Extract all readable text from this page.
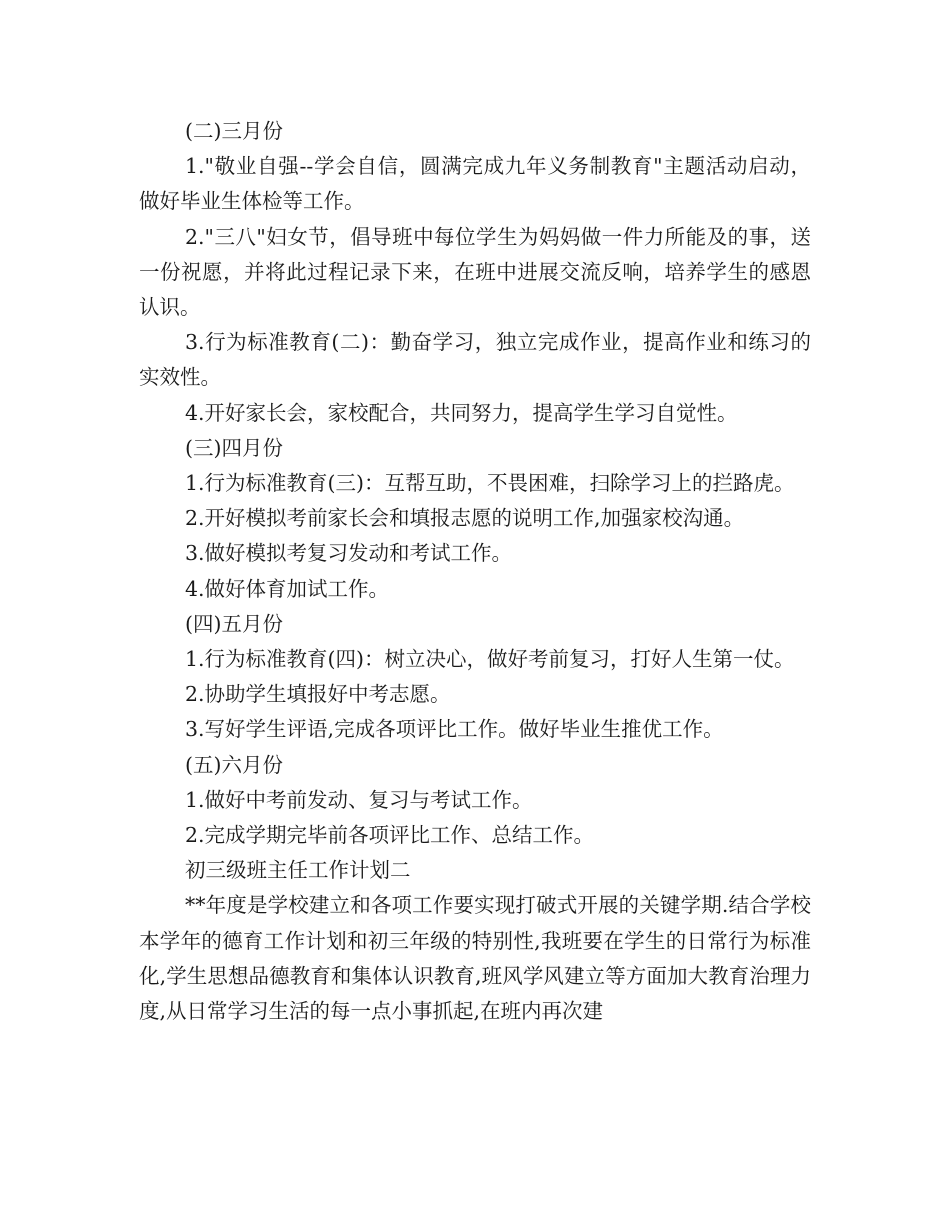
(二)三月份

1."敬业自强--学会自信，圆满完成九年义务制教育"主题活动启动，做好毕业生体检等工作。

2."三八"妇女节，倡导班中每位学生为妈妈做一件力所能及的事，送一份祝愿，并将此过程记录下来，在班中进展交流反响，培养学生的感恩认识。

3.行为标准教育(二)：勤奋学习，独立完成作业，提高作业和练习的实效性。

4.开好家长会，家校配合，共同努力，提高学生学习自觉性。

(三)四月份

1.行为标准教育(三)：互帮互助，不畏困难，扫除学习上的拦路虎。

2.开好模拟考前家长会和填报志愿的说明工作,加强家校沟通。

3.做好模拟考复习发动和考试工作。

4.做好体育加试工作。

(四)五月份

1.行为标准教育(四)：树立决心，做好考前复习，打好人生第一仗。

2.协助学生填报好中考志愿。

3.写好学生评语,完成各项评比工作。做好毕业生推优工作。

(五)六月份

1.做好中考前发动、复习与考试工作。

2.完成学期完毕前各项评比工作、总结工作。

初三级班主任工作计划二

**年度是学校建立和各项工作要实现打破式开展的关键学期.结合学校本学年的德育工作计划和初三年级的特别性,我班要在学生的日常行为标准化,学生思想品德教育和集体认识教育,班风学风建立等方面加大教育治理力度,从日常学习生活的每一点小事抓起,在班内再次建
